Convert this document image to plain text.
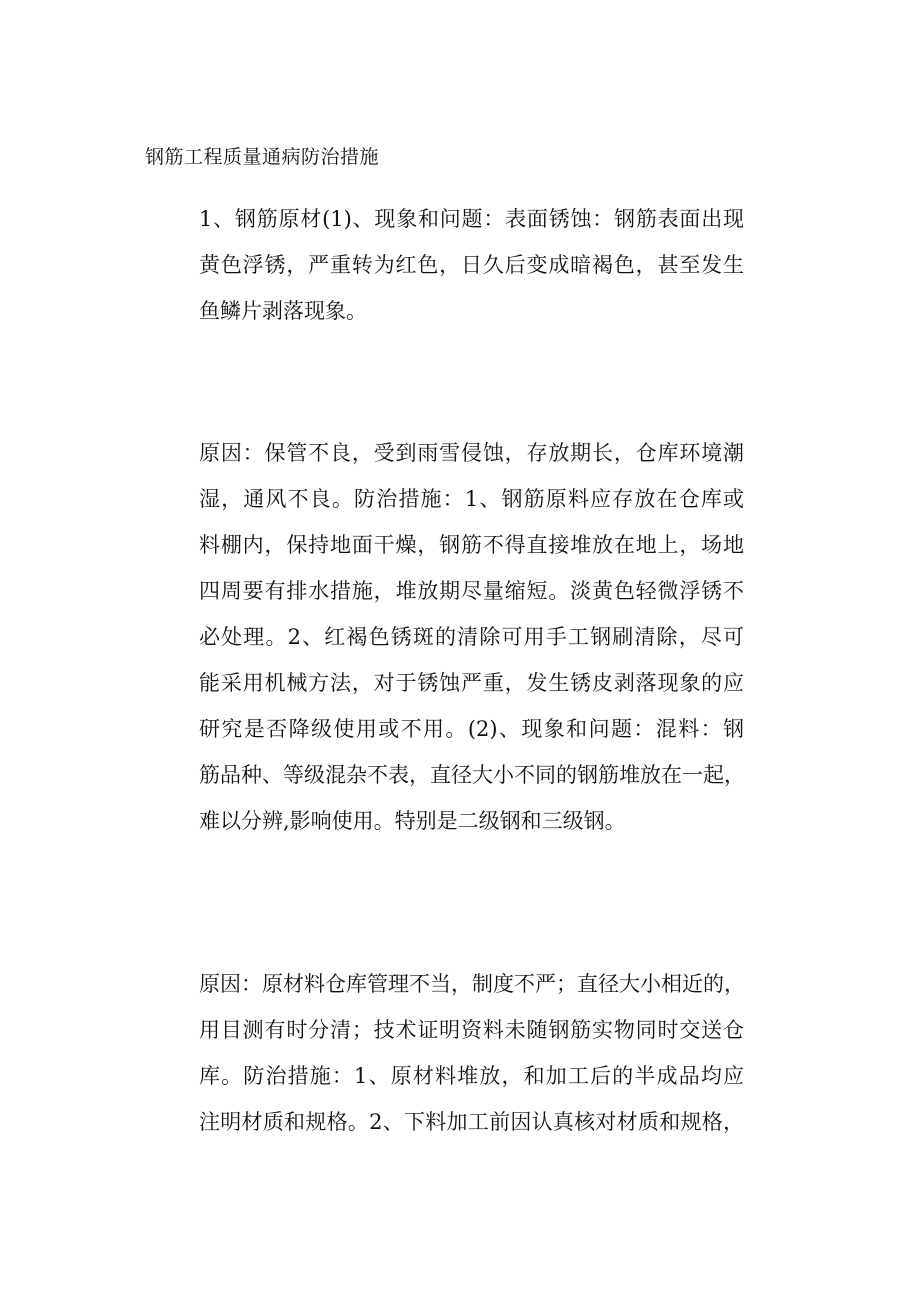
钢筋工程质量通病防治措施
1、钢筋原材(1)、现象和问题：表面锈蚀：钢筋表面出现
黄色浮锈，严重转为红色，日久后变成暗褐色，甚至发生
鱼鳞片剥落现象。
原因：保管不良，受到雨雪侵蚀，存放期长，仓库环境潮
湿，通风不良。防治措施：1、钢筋原料应存放在仓库或
料棚内，保持地面干燥，钢筋不得直接堆放在地上，场地
四周要有排水措施，堆放期尽量缩短。淡黄色轻微浮锈不
必处理。2、红褐色锈斑的清除可用手工钢刷清除，尽可
能采用机械方法，对于锈蚀严重，发生锈皮剥落现象的应
研究是否降级使用或不用。(2)、现象和问题：混料：钢
筋品种、等级混杂不表，直径大小不同的钢筋堆放在一起，
难以分辨,影响使用。特别是二级钢和三级钢。
原因：原材料仓库管理不当，制度不严；直径大小相近的，
用目测有时分清；技术证明资料未随钢筋实物同时交送仓
库。防治措施：1、原材料堆放，和加工后的半成品均应
注明材质和规格。2、下料加工前因认真核对材质和规格，
